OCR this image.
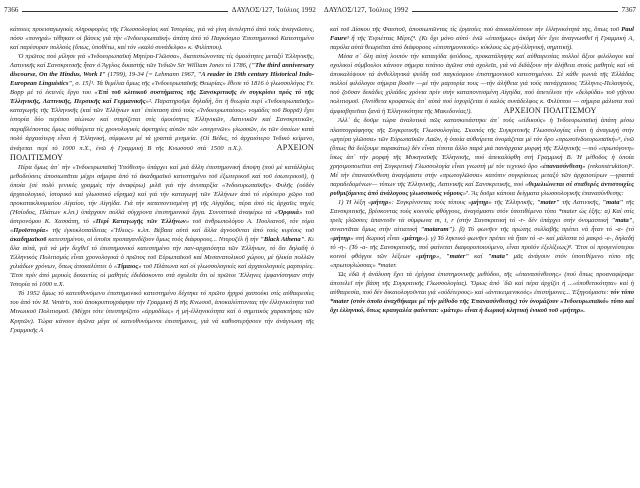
7366	ΔΑΥΛΟΣ/127, Ἰούλιος 1992

κάποιες προεισαγωγικές πληροφορίες τῆς Γλωσσολογίας καί Ἱστορίας, γιά νά γίνη ἀντιληπτό ἀπό τούς ἀναγνῶστες, πόσο «πονηρά» τέθηκαν οἱ βάσεις γιά τήν «Ἰνδοευρωπαϊκή» ἀπάτη ἀπό τό Παγκόσμιο Ἐπιστημονικό Κατεστημένο καί παρέσυραν πολλούς (ὅπως, ὑποθέτω, καί τόν «καλό συνάδελφο» κ. Φιλίππου).

Ὁ πρῶτος πού μίλησε γιά «Ἰνδοευρωπαϊκή Μητέρα-Γλῶσσα», διαπιστώνοντας τίς ὁμοιότητες μεταξύ Ἑλληνικῆς, Λατινικῆς καί Σανσκριτικῆς ἦταν ὁ Ἄγγλος δικαστής τῶν Ἰνδιῶν Sir William Jones τό 1786, ("The third anniversary discourse, On the Hindus, Work I" (1799), 19-34 [= Lehmann 1967, "A reader in 19th century Historical Indo-European Linguistics", σ. 15]¹. Τά θεμέλια ὅμως τῆς «Ἰνδοευρωπαϊκῆς Θεωρίας» ἔθεσε τό 1816 ὁ γλωσσολόγος Fr. Bopp μέ τό ἐκτενές ἔργο του «Ἐπί τοῦ κλιτικοῦ συστήματος τῆς Σανσκριτικῆς ἐν συγκρίσει πρός τό τῆς Ἑλληνικῆς, Λατινικῆς, Περσικῆς καί Γερμανικῆς»². Παρατηροῦμε δηλαδή, ὅτι ἡ θεωρία περί «Ἰνδοευρωπαϊκῆς» καταγωγῆς τῆς Ἑλληνικῆς (καί τῶν Ἑλλήνων κατ᾽ ἐπέκταση ἀπό τούς «Ἰνδοευρωπαίους» νομάδες τοῦ Βορρᾶ) ἔχει ἱστορία δύο περίπου αἰώνων καί στηρίζεται στίς ὁμοιότητες Ἑλληνικῶν, Λατινικῶν καί Σανσκριτικῶν, παραβλέποντας ὅμως αὐθαίρετα τίς χρονολογικές ἀφετηρίες αὐτῶν τῶν «συγγενῶν» γλωσσῶν, ἐκ τῶν ὁποίων κατά πολύ ἀρχαιότερη εἶναι ἡ Ἑλληνική, σύμφωνα μέ τά γραπτά μνημεία. (Οἱ Βέδες, τό ἀρχαιότερο Ἰνδικό κείμενο, ἀνάγεται περί τό 1000 π.Χ., ἐνῶ ἡ Γραμμική Β τῆς Κνωσσοῦ στά 1500 π.Χ.).	ΑΡΧΕΙΟΝ ΠΟΛΙΤΙΣΜΟΥ

Πέρα ὅμως ἀπ᾽ τήν «Ἰνδοευρωπαϊκή Ὑπόθεση» ὑπάρχει καί μιά ἄλλη ἐπιστημονική ἄποψη (πού μέ κατάλληλες μεθοδεύσεις ἀποσιωπᾶται μέχρι σήμερα ἀπό τό ἀκαδημαϊκό κατεστημένο τοῦ ἐξωτερικοῦ καί τοῦ ἐσωτερικοῦ), ἡ ὁποία (σέ πολύ γενικές γραμμές τήν ἀναφέρω) μιλᾶ γιά τήν ἀνυπαρξία «Ἰνδοευρωπαϊκῆς» Φυλῆς (οὐδέν ἀρχαιολογικό, ἱστορικό καί γλωσσικό εὕρημα) καί γιά τήν καταγωγή τῶν Ἑλλήνων ἀπό τό εὐρύτερο χῶρο τοῦ προκατακλυσμιαίου Αἰγαίου, τήν Αἰγηίδα. Γιά τήν καταποντισμένη γῆ τῆς Αἰγηίδας, πέρα ἀπό τίς ἀρχαῖες πηγές (Ἡσίοδος, Πλάτων κ.λπ.) ὑπάρχουν πολλά σύγχρονα ἐπιστημονικά ἔργα. Συνοπτικά ἀναφέρω τά «Ὀρφικά» τοῦ ἀστρονόμου Κ. Χασσάπη, τό «Περί Καταγωγῆς τῶν Ἑλλήνων» τοῦ ἀνθρωπολόγου Α. Πουλιανοῦ, τόν τόμο «Προϊστορία» τῆς ἐγκυκλοπαίδειας «Ἥλιος» κ.λπ. Βέβαια αὐτά καί ἄλλα ἀγνοοῦνται ἀπό τούς κυρίους τοῦ ἀκαδημαϊκοῦ κατεστημένου, οἱ ὁποῖοι προπαγανδίζουν ὅμως τούς διάφορους... Ντυροζέλ ἤ τήν "Black Athena". Κι ὅλα αὐτά, γιά νά μήν δεχθεῖ τό ἐπιστημονικό κατεστημένο τήν παν-αρχαιότητα τῶν Ἑλλήνων, τό ὅτι δηλαδή ὁ Ἑλληνικός Πολιτισμός εἶναι χρονολογικά ὁ πρῶτος τοῦ Εὐρωπαϊκοῦ καί Μεσανατολικοῦ χώρου, μέ ἡλικία πολλῶν χιλιάδων χρόνων, ὅπως ἀποκαλύπτει ὁ «Τίμαιος» τοῦ Πλάτωνα καί οἱ γλωσσολογικές καί ἀρχαιολογικές μαρτυρίες. Ἔτσι πρίν ἀπό μερικές δεκαετίες οἱ μαθητές ἐδιδάσκοντο στά σχολεῖα ὅτι οἱ πρῶτοι Ἕλληνες ἐμφανίστηκαν στήν Ἱστορία τό 1000 π.Χ.

Τό 1952 ὅμως τό κατευθυνόμενο ἐπιστημονικό κατεστημένο δέχτηκε τό πρῶτο ἠχηρό χαστούκι στίς αὐθαιρεσίες του ἀπό τόν Μ. Ventris, πού ἀποκρυπτογράφησε τήν Γραμμική Β τῆς Κνωσοῦ, ἀποκαλύπτοντας τήν ἑλληνικότητα τοῦ Μινωικοῦ Πολιτισμοῦ. (Μέχρι τότε ὑπεστηρίζετο «ἁρμοδίως» ἡ μή-ἑλληνικότητα καί ὁ σημιτικός χαρακτήρας τῶν Κρητῶν). Τώρα κάνουν ἀγῶνα μέγα οἱ κατευθυνόμενοι ἐπιστήμονες, γιά νά καθυστερήσουν τήν ἀνάγνωση τῆς Γραμμικῆς Α

ΔΑΥΛΟΣ/127, Ἰούλιος 1992	7367

καί τοῦ Δίσκου τῆς Φαιστοῦ, ἀποσιωπῶντας τίς ἐργασίες πού ἀποκαλύπτουν τήν ἑλληνικότητά της, ὅπως τοῦ Paul Faure³ ἤ τῆς Ἐνριέττας Μέρτζ⁴. (Κι ὄχι μόνο αὐτό· ἐνῶ «ἐπισήμως» ἀκόμη δέν ἔχει ἀναγνωσθεῖ ἡ Γραμμική Α, παρόλα αὐτά θεωρεῖται ἀπό διάφορους «ἐπιστημονικούς» κύκλους ὡς μή-ἑλληνική, σημιτική).

Μέσα σ᾽ ὅλη αὐτή λοιπόν τήν καταιγίδα ψεύδους, προκατάληψης καί αὐθαιρεσίας πολλοί ἄξιοι φιλόλογοι καί σχολικοί σύμβουλοι κάνουν σήμερα τιτάνιο ἀγῶνα στά σχολεῖα, γιά νά διδάξουν τήν ἀλήθεια στούς μαθητές καί νά ἀποκαλύψουν τά ἀνθελληνικά ψεύδη τοῦ παγκόσμιου ἐπιστημονικοῦ κατεστημένου. Σέ κάθε γωνιά τῆς Ἑλλάδας πολλοί φιλόλογοι σήμερα βοοῦν —μέ τήν μαρτυρία τους —τήν ἀλήθεια γιά τούς πανάρχαιους Ἕλληνες-Πελασγούς, πού ζοῦσαν δεκάδες χιλιάδες χρόνια πρίν στήν καταποντισμένη Αἰγηίδα, πού ἀπετέλεσε τήν «δελφύδα» τοῦ γήϊνου πολιτισμοῦ. (Ἀντίθετα κροφανώς ἀπ᾽ αὐτά πού ἰσχυρίζεται ὁ καλός συνάδελφος κ. Φιλίππου — σήμερα μάλιστα πού ἀμφισβητεῖται ξανά ἡ Ἑλληνικότητα τῆς Μακεδονίας!).	ΑΡΧΕΙΟΝ ΠΟΛΙΤΙΣΜΟΥ

Ἀλλ᾽ ἄς δοῦμε τώρα ἀναλυτικά πῶς κατασκευάστηκε ἀπ᾽ τούς «εἰδικούς» ἡ Ἰνδοευρωπαϊκή ἀπάτη μέσω πλαστογράφησης τῆς Συγκριτικῆς Γλωσσολογίας. Σκοπός τῆς Συγκριτικῆς Γλωσσολογίας εἶναι ἡ ἀναγωγή στήν «μητέρα γλῶσσα» τῶν Εὐρωπαϊκῶν Λαῶν, ἡ ὁποία αὐθαίρετα ὀνομάζεται μέ τόν ὅρο «πρωτοϊνδοευρωπαϊκή»⁵, ἐνῶ (ὅπως θά δείξουμε παρακάτω) δέν εἶναι τίποτα ἄλλο παρά μιά πανάρχαια μορφή τῆς Ἑλληνικῆς —πιό «πρωτόγονη» ἴσως ἀπ᾽ τήν μορφή τῆς Μυκηναϊκῆς Ἑλληνικῆς, πού ἀπεκαλύφθη στή Γραμμική Β. Ἡ μέθοδος ἡ ὁποία χρησιμοποιεῖται στή Συγκριτική Γλωσσολογία εἶναι γνωστή μέ τόν τεχνικό ὅρο «ἐπανασύνθεση» (rekonstruktion)⁶. Μέ τήν ἐπανασύνθεση ἀναγόμαστε στήν «πρωτογλῶσσα» κατόπιν συγκρίσεως μεταξύ τῶν ἀρχαιοτέρων —γραπτά παραδεδομένων— τύπων τῆς Ἑλληνικῆς, Λατινικῆς καί Σανσκριτικῆς, πού «θεμελιώνεται σέ σταθερές ἀντιστοιχίες ρυθμιζόμενες ἀπό ἀνάλογους γλωσσικούς νόμους»⁷. Ἄς δοῦμε κάποια δείγματα γλωσσολογικῆς ἐπανασύνθεσης:

1) Ἡ λέξη «μήτηρ»: Συγκρίνοντας τούς τύπους «μήτηρ» τῆς Ἑλληνικῆς, "mater" τῆς Λατινικῆς, "mata" τῆς Σανσκριτικῆς, βρίσκοντας τούς κοινούς φθόγγους, ἀναγόμαστε στόν ὑποτιθέμενο τύπο *mater ὡς ἑξῆς: α) Καί στίς τρεῖς γλῶσσες ἀπαντοῦν τά σύμφωνα m, t, r (στήν Σανσκριτική τό -r- δέν ὑπάρχει στήν ὀνομαστική "mata", συναντᾶται ὅμως στήν αἰτιατική "mataram"). β) Τό φωνῆεν τῆς πρώτης συλλαβῆς πρέπει νά ἦταν τό -α- (τό «μήτηρ» στή δωρική εἶναι «μάτηρ»). γ) Τό ληκτικό φωνῆεν πρέπει νά ἦταν τό -e- καί μάλιστα τό μακρό -e-, δηλαδή τό -η-. (Τό -a- τῆς Σανσκριτικῆς, πού φαίνεται διαφοροποιούμενο, εἶναι προϊόν ἐξελίξεως)⁸. Ἔτσι οἱ προγενέστεροι κοινοί φθόγγοι τῶν λέξεων «μήτηρ», "mater" καί "mata" μᾶς ἀνάγουν στόν ὑποτιθέμενο τύπο τῆς «πρωτογλώσσας» *mater.

Ὡς ἐδῶ ἡ ἀνάλυση ἔχει τά ἐχέγγυα ἐπιστημονικῆς μεθόδου, τῆς «ἐπανασύνθεσης» (πού ὅπως προαναφέραμε ἀποτελεῖ τήν βάση τῆς Συγκριτικῆς Γλωσσολογίας). Ὅμως ἀπό ᾽δῶ καί πέρα ἀρχίζει ἡ ...«ὑποθετικότητα» καί ἡ αὐθαιρεσία, πού δέν δικαιολογοῦνται γιά «οὐδέτερους» καί «ἀντικειμενικούς» ἐπιστήμονες... Ἐξηγούμαστε: τόν τύπο *mater (στόν ὁποῖο ἀναχθήκαμε μέ τήν μέθοδο τῆς Ἐπανασύνθεσης) τόν ὀνομάζουν «Ἰνδοευρωπαϊκό» τύπο καί ὄχι ἑλληνικό, ὅπως κραυγαλέα φαίνεται: «μάτερ» εἶναι ἡ δωρική κλητική ἑνικοῦ τοῦ «μήτηρ».
